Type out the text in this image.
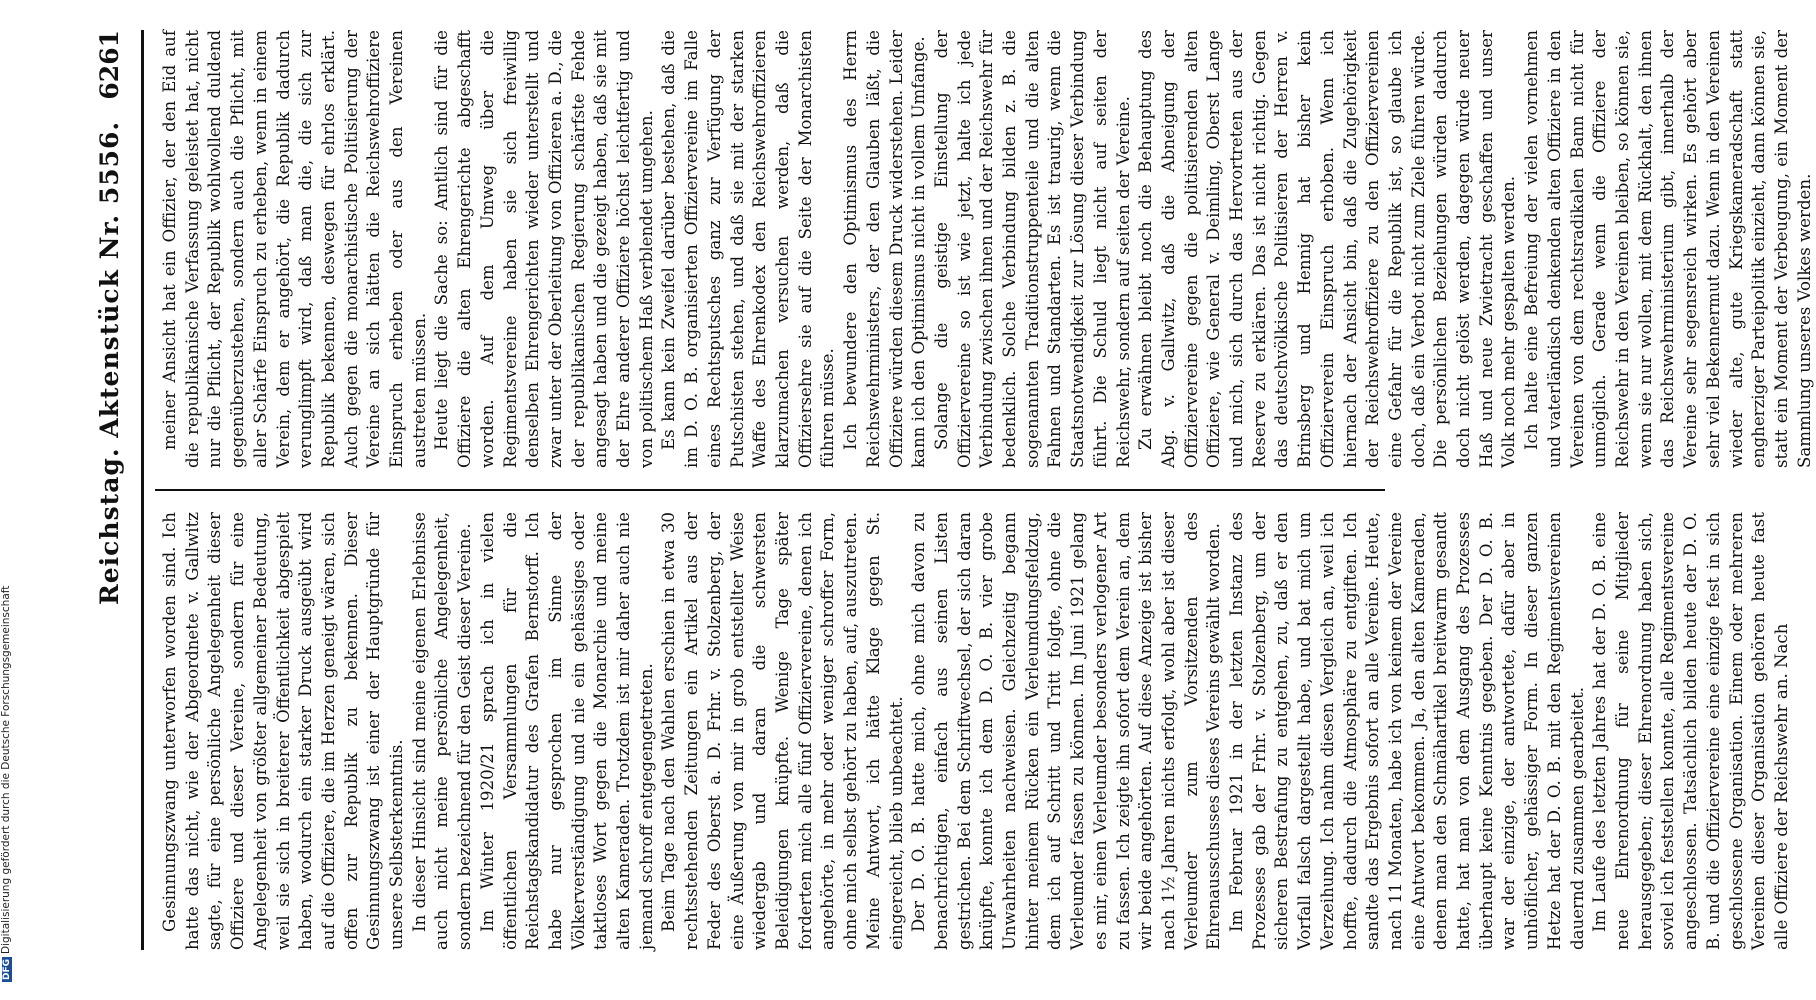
Reichstag. Aktenstück Nr. 5556.
6261

Gesinnungszwang unterworfen worden sind. Ich hatte das nicht, wie der Abgeordnete v. Gallwitz sagte, für eine persönliche Angelegenheit dieser Offiziere und dieser Vereine, sondern für eine Angelegenheit von größter allgemeiner Bedeutung, weil sie sich in breiterer Öffentlichkeit abgespielt haben, wodurch ein starker Druck ausgeübt wird auf die Offiziere, die im Herzen geneigt wären, sich offen zur Republik zu bekennen. Dieser Gesinnungszwang ist einer der Hauptgründe für unsere Selbsterkenntnis. In dieser Hinsicht sind meine eigenen Erlebnisse auch nicht meine persönliche Angelegenheit, sondern bezeichnend für den Geist dieser Vereine. Im Winter 1920/21 sprach ich in vielen öffentlichen Versammlungen für die Reichstagskandidatur des Grafen Bernstorff. Ich habe nur gesprochen im Sinne der Völkerverständigung und nie ein gehässiges oder taktloses Wort gegen die Monarchie und meine alten Kameraden. Trotzdem ist mir daher auch nie jemand schroff entgegengetreten. Beim Tage nach den Wahlen erschien in etwa 30 rechtsstehenden Zeitungen ein Artikel aus der Feder des Oberst a. D. Frhr. v. Stolzenberg, der eine Äußerung von mir in grob entstellter Weise wiedergab und daran die schwersten Beleidigungen knüpfte. Wenige Tage später forderten mich alle fünf Offiziervereine, denen ich angehörte, in mehr oder weniger schroffer Form, ohne mich selbst gehört zu haben, auf, auszutreten. Meine Antwort, ich hätte Klage gegen St. eingereicht, blieb unbeachtet. Der D. O. B. hatte mich, ohne mich davon zu benachrichtigen, einfach aus seinen Listen gestrichen. Bei dem Schriftwechsel, der sich daran knüpfte, konnte ich dem D. O. B. vier grobe Unwahrheiten nachweisen. Gleichzeitig begann hinter meinem Rücken ein Verleumdungsfeldzug, dem ich auf Schritt und Tritt folgte, ohne die Verleumder fassen zu können. Im Juni 1921 gelang es mir, einen Verleumder besonders verlogener Art zu fassen. Ich zeigte ihn sofort dem Verein an, dem wir beide angehörten. Auf diese Anzeige ist bisher nach 1½ Jahren nichts erfolgt, wohl aber ist dieser Verleumder zum Vorsitzenden des Ehrenausschusses dieses Vereins gewählt worden. Im Februar 1921 in der letzten Instanz des Prozesses gab der Frhr. v. Stolzenberg, um der sicheren Bestrafung zu entgehen, zu, daß er den Vorfall falsch dargestellt habe, und bat mich um Verzeihung. Ich nahm diesen Vergleich an, weil ich hoffte, dadurch die Atmosphäre zu entgiften. Ich sandte das Ergebnis sofort an alle Vereine. Heute, nach 11 Monaten, habe ich von keinem der Vereine eine Antwort bekommen. Ja, den alten Kameraden, denen man den Schmähartikel breitwarm gesandt hatte, hat man von dem Ausgang des Prozesses überhaupt keine Kenntnis gegeben. Der D. O. B. war der einzige, der antwortete, dafür aber in unhöflicher, gehässiger Form. In dieser ganzen Hetze hat der D. O. B. mit den Regimentsvereinen dauernd zusammen gearbeitet. Im Laufe des letzten Jahres hat der D. O. B. eine neue Ehrenordnung für seine Mitglieder herausgegeben; dieser Ehrenordnung haben sich, soviel ich feststellen konnte, alle Regimentsvereine angeschlossen. Tatsächlich bilden heute der D. O. B. und die Offiziervereine eine einzige fest in sich geschlossene Organisation. Einem oder mehreren Vereinen dieser Organisation gehören heute fast alle Offiziere der Reichswehr an. Nach

meiner Ansicht hat ein Offizier, der den Eid auf die republikanische Verfassung geleistet hat, nicht nur die Pflicht, der Republik wohlwollend duldend gegenüberzustehen, sondern auch die Pflicht, mit aller Schärfe Einspruch zu erheben, wenn in einem Verein, dem er angehört, die Republik dadurch verunglimpft wird, daß man die, die sich zur Republik bekennen, deswegen für ehrlos erklärt. Auch gegen die monarchistische Politisierung der Vereine an sich hätten die Reichswehroffiziere Einspruch erheben oder aus den Vereinen austreten müssen. Heute liegt die Sache so: Amtlich sind für die Offiziere die alten Ehrengerichte abgeschafft worden. Auf dem Umweg über die Regimentsvereine haben sie sich freiwillig denselben Ehrengerichten wieder unterstellt und zwar unter der Oberleitung von Offizieren a. D., die der republikanischen Regierung schärfste Fehde angesagt haben und die gezeigt haben, daß sie mit der Ehre anderer Offiziere höchst leichtfertig und von politischem Haß verblendet umgehen. Es kann kein Zweifel darüber bestehen, daß die im D. O. B. organisierten Offiziervereine im Falle eines Rechtsputsches ganz zur Verfügung der Putschisten stehen, und daß sie mit der starken Waffe des Ehrenkodex den Reichswehroffizieren klarzumachen versuchen werden, daß die Offiziersehre sie auf die Seite der Monarchisten führen müsse. Ich bewundere den Optimismus des Herrn Reichswehrministers, der den Glauben läßt, die Offiziere würden diesem Druck widerstehen. Leider kann ich den Optimismus nicht in vollem Umfange. Solange die geistige Einstellung der Offiziervereine so ist wie jetzt, halte ich jede Verbindung zwischen ihnen und der Reichswehr für bedenklich. Solche Verbindung bilden z. B. die sogenannten Traditionstruppenteile und die alten Fahnen und Standarten. Es ist traurig, wenn die Staatsnotwendigkeit zur Lösung dieser Verbindung führt. Die Schuld liegt nicht auf seiten der Reichswehr, sondern auf seiten der Vereine. Zu erwähnen bleibt noch die Behauptung des Abg. v. Gallwitz, daß die Abneigung der Offiziervereine gegen die politisierenden alten Offiziere, wie General v. Deimling, Oberst Lange und mich, sich durch das Hervortreten aus der Reserve zu erklären. Das ist nicht richtig. Gegen das deutschvölkische Politisieren der Herren v. Brinsberg und Hennig hat bisher kein Offizierverein Einspruch erhoben. Wenn ich hiernach der Ansicht bin, daß die Zugehörigkeit der Reichswehroffiziere zu den Offiziervereinen eine Gefahr für die Republik ist, so glaube ich doch, daß ein Verbot nicht zum Ziele führen würde. Die persönlichen Beziehungen würden dadurch doch nicht gelöst werden, dagegen würde neuer Haß und neue Zwietracht geschaffen und unser Volk noch mehr gespalten werden. Ich halte eine Befreiung der vielen vornehmen und vaterländisch denkenden alten Offiziere in den Vereinen von dem rechtsradikalen Bann nicht für unmöglich. Gerade wenn die Offiziere der Reichswehr in den Vereinen bleiben, so können sie, wenn sie nur wollen, mit dem Rückhalt, den ihnen das Reichswehrministerium gibt, innerhalb der Vereine sehr segensreich wirken. Es gehört aber sehr viel Bekennermut dazu. Wenn in den Vereinen wieder alte, gute Kriegskameradschaft statt engherziger Parteipolitik einzieht, dann können sie, statt ein Moment der Verbeugung, ein Moment der Sammlung unseres Volkes werden.

DFGDigitalisierung gefördert durch die Deutsche Forschungsgemeinschaft
